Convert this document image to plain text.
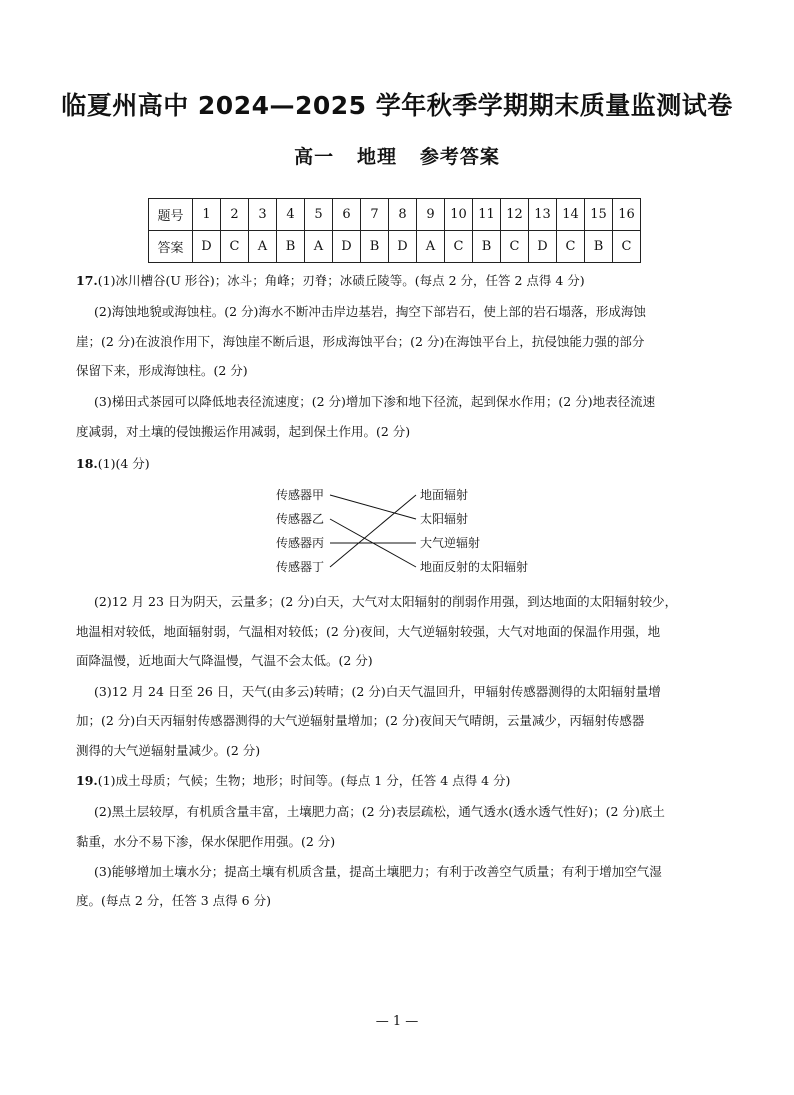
临夏州高中 2024—2025 学年秋季学期期末质量监测试卷
高一   地理   参考答案
题号	1	2	3	4	5	6	7	8	9	10	11	12	13	14	15	16
答案	D	C	A	B	A	D	B	D	A	C	B	C	D	C	B	C
17.(1)冰川槽谷(U 形谷)；冰斗；角峰；刃脊；冰碛丘陵等。(每点 2 分，任答 2 点得 4 分)
(2)海蚀地貌或海蚀柱。(2 分)海水不断冲击岸边基岩，掏空下部岩石，使上部的岩石塌落，形成海蚀
崖；(2 分)在波浪作用下，海蚀崖不断后退，形成海蚀平台；(2 分)在海蚀平台上，抗侵蚀能力强的部分
保留下来，形成海蚀柱。(2 分)
(3)梯田式茶园可以降低地表径流速度；(2 分)增加下渗和地下径流，起到保水作用；(2 分)地表径流速
度减弱，对土壤的侵蚀搬运作用减弱，起到保土作用。(2 分)
18.(1)(4 分)
传感器甲
传感器乙
传感器丙
传感器丁
地面辐射
太阳辐射
大气逆辐射
地面反射的太阳辐射
(2)12 月 23 日为阴天，云量多；(2 分)白天，大气对太阳辐射的削弱作用强，到达地面的太阳辐射较少，
地温相对较低，地面辐射弱，气温相对较低；(2 分)夜间，大气逆辐射较强，大气对地面的保温作用强，地
面降温慢，近地面大气降温慢，气温不会太低。(2 分)
(3)12 月 24 日至 26 日，天气(由多云)转晴；(2 分)白天气温回升，甲辐射传感器测得的太阳辐射量增
加；(2 分)白天丙辐射传感器测得的大气逆辐射量增加；(2 分)夜间天气晴朗，云量减少，丙辐射传感器
测得的大气逆辐射量减少。(2 分)
19.(1)成土母质；气候；生物；地形；时间等。(每点 1 分，任答 4 点得 4 分)
(2)黑土层较厚，有机质含量丰富，土壤肥力高；(2 分)表层疏松，通气透水(透水透气性好)；(2 分)底土
黏重，水分不易下渗，保水保肥作用强。(2 分)
(3)能够增加土壤水分；提高土壤有机质含量，提高土壤肥力；有利于改善空气质量；有利于增加空气湿
度。(每点 2 分，任答 3 点得 6 分)
— 1 —
